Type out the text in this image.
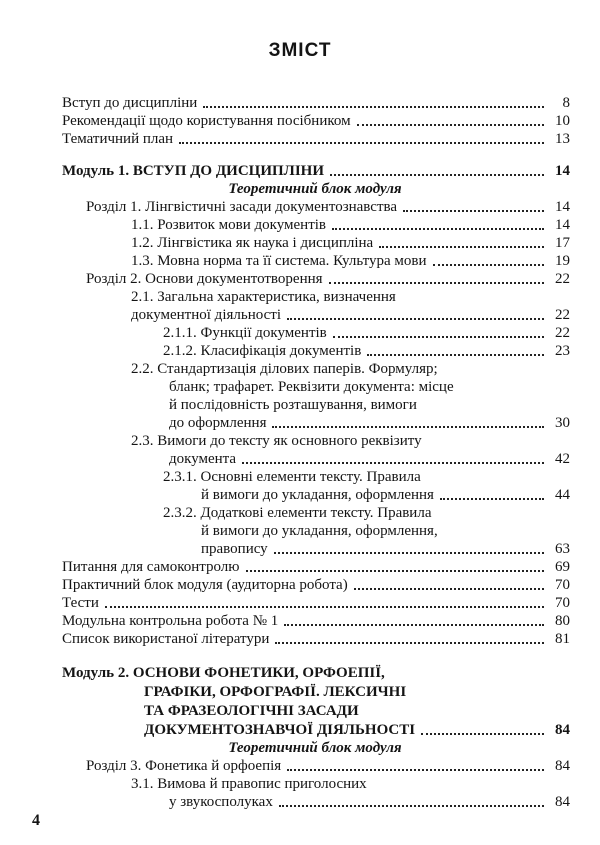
ЗМІСТ
Вступ до дисципліни	8
Рекомендації щодо користування посібником	10
Тематичний план	13
Модуль 1. ВСТУП ДО ДИСЦИПЛІНИ	14
Теоретичний блок модуля
Розділ 1. Лінгвістичні засади документознавства	14
1.1. Розвиток мови документів	14
1.2. Лінгвістика як наука і дисципліна	17
1.3. Мовна норма та її система. Культура мови	19
Розділ 2. Основи документотворення	22
2.1. Загальна характеристика, визначення
документної діяльності	22
2.1.1. Функції документів	22
2.1.2. Класифікація документів	23
2.2. Стандартизація ділових паперів. Формуляр;
бланк; трафарет. Реквізити документа: місце
й послідовність розташування, вимоги
до оформлення	30
2.3. Вимоги до тексту як основного реквізиту
документа	42
2.3.1. Основні елементи тексту. Правила
й вимоги до укладання, оформлення	44
2.3.2. Додаткові елементи тексту. Правила
й вимоги до укладання, оформлення,
правопису	63
Питання для самоконтролю	69
Практичний блок модуля (аудиторна робота)	70
Тести	70
Модульна контрольна робота № 1	80
Список використаної літератури	81
Модуль 2. ОСНОВИ ФОНЕТИКИ, ОРФОЕПІЇ,
ГРАФІКИ, ОРФОГРАФІЇ. ЛЕКСИЧНІ
ТА ФРАЗЕОЛОГІЧНІ ЗАСАДИ
ДОКУМЕНТОЗНАВЧОЇ ДІЯЛЬНОСТІ	84
Теоретичний блок модуля
Розділ 3. Фонетика й орфоепія	84
3.1. Вимова й правопис приголосних
у звукосполуках	84
4
